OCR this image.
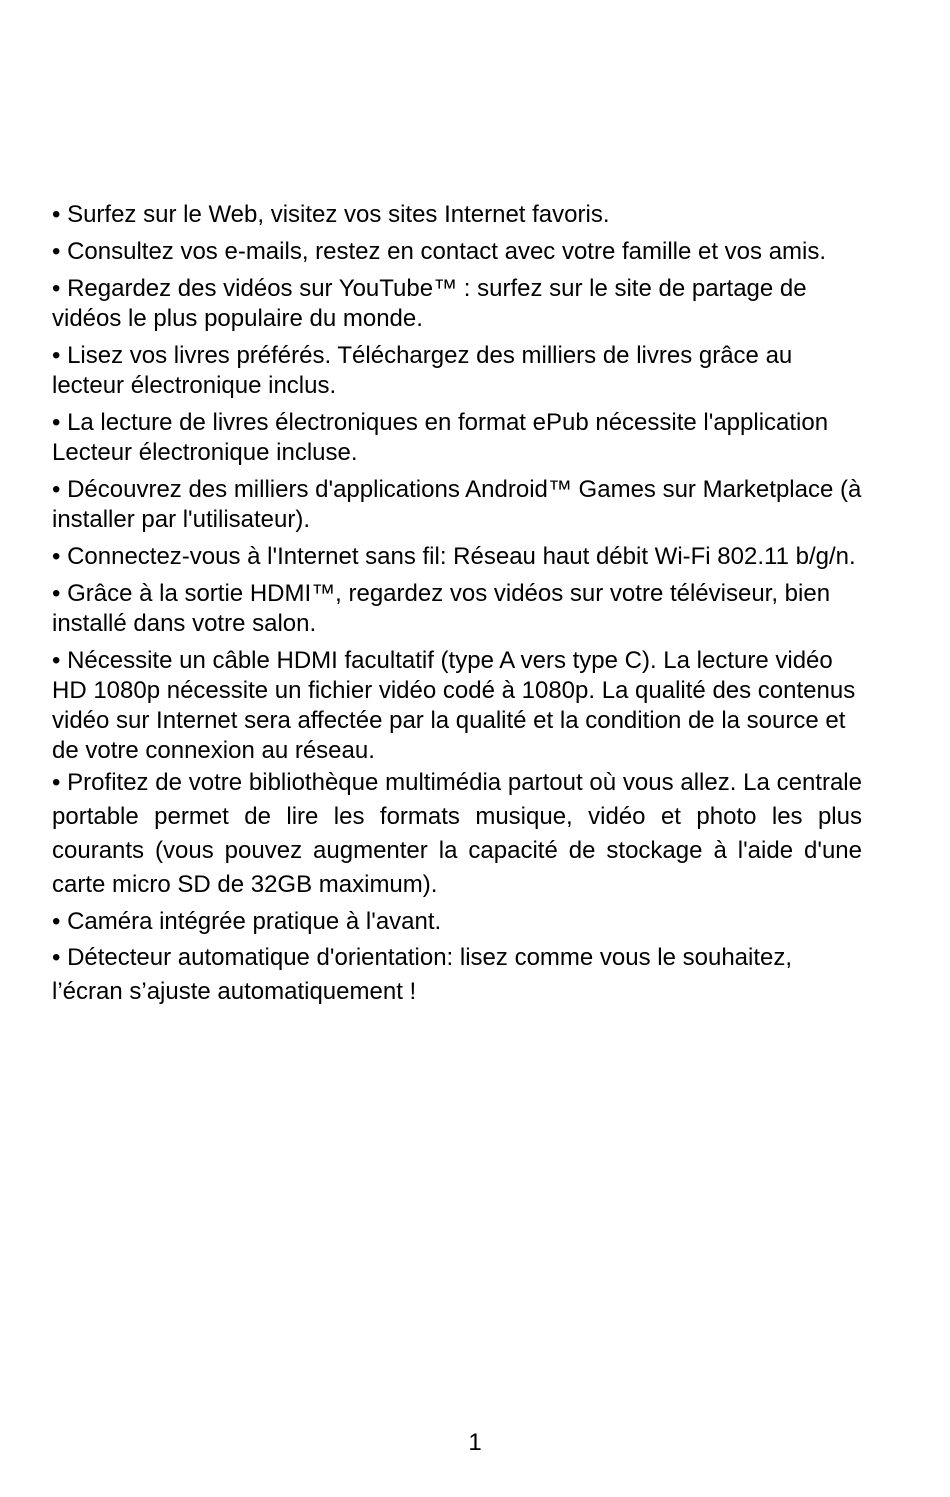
• Surfez sur le Web, visitez vos sites Internet favoris.

• Consultez vos e-mails, restez en contact avec votre famille et vos amis.

• Regardez des vidéos sur YouTube™ : surfez sur le site de partage de vidéos le plus populaire du monde.

• Lisez vos livres préférés. Téléchargez des milliers de livres grâce au lecteur électronique inclus.

• La lecture de livres électroniques en format ePub nécessite l'application Lecteur électronique incluse.

• Découvrez des milliers d'applications Android™ Games sur Marketplace (à installer par l'utilisateur).

• Connectez-vous à l'Internet sans fil: Réseau haut débit Wi-Fi 802.11 b/g/n.

• Grâce à la sortie HDMI™, regardez vos vidéos sur votre téléviseur, bien installé dans votre salon.

• Nécessite un câble HDMI facultatif (type A vers type C). La lecture vidéo HD 1080p nécessite un fichier vidéo codé à 1080p. La qualité des contenus vidéo sur Internet sera affectée par la qualité et la condition de la source et de votre connexion au réseau.

• Profitez de votre bibliothèque multimédia partout où vous allez. La centrale portable permet de lire les formats musique, vidéo et photo les plus courants (vous pouvez augmenter la capacité de stockage à l'aide d'une carte micro SD de 32GB maximum).

• Caméra intégrée pratique à l'avant.

• Détecteur automatique d'orientation: lisez comme vous le souhaitez, l’écran s’ajuste automatiquement !

1
